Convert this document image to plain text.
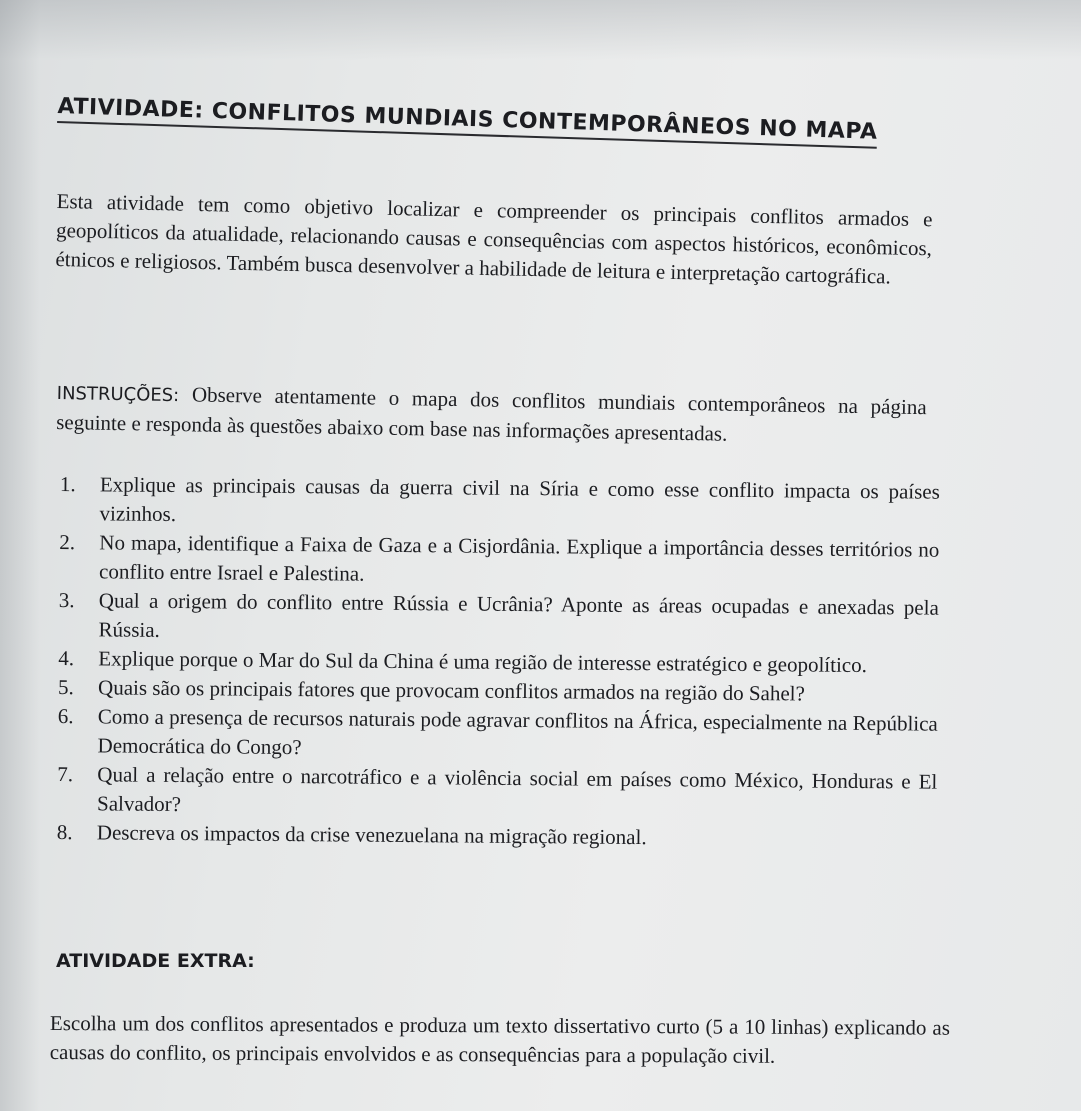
ATIVIDADE: CONFLITOS MUNDIAIS CONTEMPORÂNEOS NO MAPA

Esta atividade tem como objetivo localizar e compreender os principais conflitos armados e geopolíticos da atualidade, relacionando causas e consequências com aspectos históricos, econômicos, étnicos e religiosos. Também busca desenvolver a habilidade de leitura e interpretação cartográfica.

INSTRUÇÕES: Observe atentamente o mapa dos conflitos mundiais contemporâneos na página seguinte e responda às questões abaixo com base nas informações apresentadas.

1. Explique as principais causas da guerra civil na Síria e como esse conflito impacta os países vizinhos.
2. No mapa, identifique a Faixa de Gaza e a Cisjordânia. Explique a importância desses territórios no conflito entre Israel e Palestina.
3. Qual a origem do conflito entre Rússia e Ucrânia? Aponte as áreas ocupadas e anexadas pela Rússia.
4. Explique porque o Mar do Sul da China é uma região de interesse estratégico e geopolítico.
5. Quais são os principais fatores que provocam conflitos armados na região do Sahel?
6. Como a presença de recursos naturais pode agravar conflitos na África, especialmente na República Democrática do Congo?
7. Qual a relação entre o narcotráfico e a violência social em países como México, Honduras e El Salvador?
8. Descreva os impactos da crise venezuelana na migração regional.
ATIVIDADE EXTRA:

Escolha um dos conflitos apresentados e produza um texto dissertativo curto (5 a 10 linhas) explicando as causas do conflito, os principais envolvidos e as consequências para a população civil.
